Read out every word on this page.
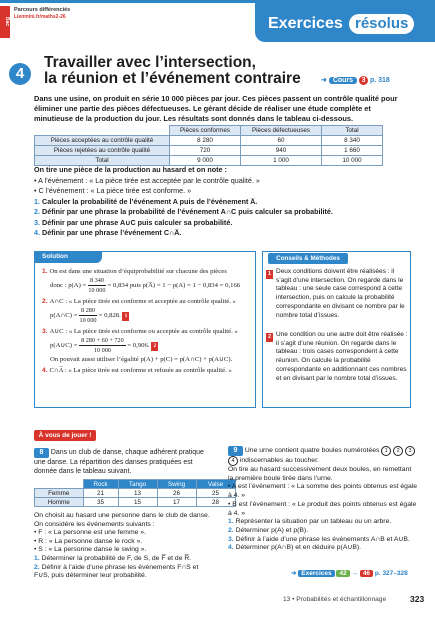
Bac
Parcours différenciés
Lienmini.fr/maths2-26	Exercices résolus
4
Travailler avec l’intersection,
la réunion et l’événement contraire	➜ Cours 3 p. 318
Dans une usine, on produit en série 10 000 pièces par jour. Ces pièces passent un contrôle qualité pour éliminer une partie des pièces défectueuses. Le gérant décide de réaliser une étude complète et minutieuse de la production du jour. Les résultats sont donnés dans le tableau ci-dessous.
	Pièces conformes	Pièces défectueuses	Total
Pièces acceptées au contrôle qualité	8 280	60	8 340
Pièces rejetées au contrôle qualité	720	940	1 660
Total	9 000	1 000	10 000
On tire une pièce de la production au hasard et on note :
• A l’événement : « La pièce tirée est acceptée par le contrôle qualité. »
• C l’événement : « La pièce tirée est conforme. »
1. Calculer la probabilité de l’événement A puis de l’événement A̅.
2. Définir par une phrase la probabilité de l’événement A∩C puis calculer sa probabilité.
3. Définir par une phrase A∪C puis calculer sa probabilité.
4. Définir par une phrase l’événement C∩A̅.
Solution
1. On est dans une situation d’équiprobabilité sur chacune des pièces
donc : $p(A) = \frac{8 340}{10 000} = 0,834$ puis p(A̅) = 1 − p(A) = 1 − 0,834 = 0,166
2. A∩C : « La pièce tirée est conforme et acceptée au contrôle qualité. »
p(A∩C) = $\frac{8 280}{10 000} = 0,828$. 1
3. A∪C : « La pièce tirée est conforme ou acceptée au contrôle qualité. »
p(A∪C) = $\frac{8 280 + 60 + 720}{10 000} = 0,906$. 2
On pouvait aussi utiliser l’égalité p(A) + p(C) = p(A∩C) + p(A∪C).
4. C∩A̅ : « La pièce tirée est conforme et refusée au contrôle qualité. »
Conseils & Méthodes
1 Deux conditions doivent être réalisées : il s’agit d’une intersection. On regarde dans le tableau : une seule case correspond à cette intersection, puis on calcule la probabilité correspondante en divisant ce nombre par le nombre total d’issues.
2 Une condition ou une autre doit être réalisée : il s’agit d’une réunion. On regarde dans le tableau : trois cases correspondent à cette réunion. On calcule la probabilité correspondante en additionnant ces nombres et en divisant par le nombre total d’issues.
À vous de jouer !
8 Dans un club de danse, chaque adhérent pratique une danse. La répartition des danses pratiquées est donnée dans le tableau suivant.
	Rock	Tango	Swing	Valse
Femme	21	13	26	25
Homme	35	15	17	28
On choisit au hasard une personne dans le club de danse.
On considère les événements suivants :
• F : « La personne est une femme ».
• R : « La personne danse le rock ».
• S : « La personne danse le swing ».
1. Déterminer la probabilité de F, de S, de F̅ et de R̅.
2. Définir à l’aide d’une phrase les événements F∩S et F∪S, puis déterminer leur probabilité.
9 Une urne contient quatre boules numérotées 1 2 3 4 indiscernables au toucher.
On tire au hasard successivement deux boules, en remettant la première boule tirée dans l’urne.
• A est l’événement : « La somme des points obtenus est égale à 4. »
• B est l’événement : « Le produit des points obtenus est égale à 4. »
1. Représenter la situation par un tableau ou un arbre.
2. Déterminer p(A) et p(B).
3. Définir à l’aide d’une phrase les événements A∩B et A∪B.
4. Déterminer p(A∩B) et en déduire p(A∪B).
➜ Exercices 42 → 46 p. 327–328
13 • Probabilités et échantillonnage	323
